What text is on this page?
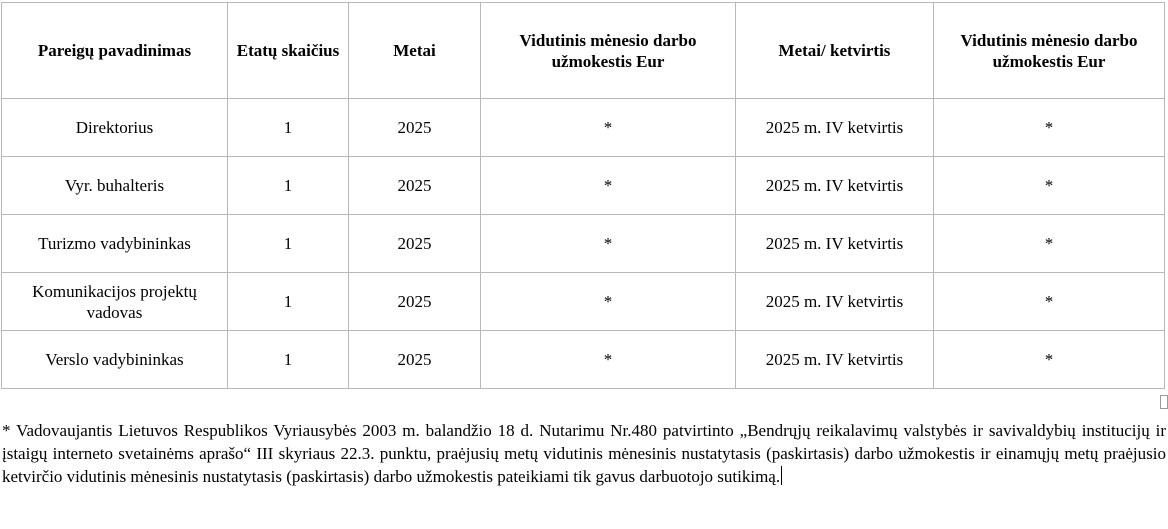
Pareigų pavadinimas	Etatų skaičius	Metai	Vidutinis mėnesio darbo užmokestis Eur	Metai/ ketvirtis	Vidutinis mėnesio darbo užmokestis Eur
Direktorius	1	2025	*	2025 m. IV ketvirtis	*
Vyr. buhalteris	1	2025	*	2025 m. IV ketvirtis	*
Turizmo vadybininkas	1	2025	*	2025 m. IV ketvirtis	*
Komunikacijos projektų vadovas	1	2025	*	2025 m. IV ketvirtis	*
Verslo vadybininkas	1	2025	*	2025 m. IV ketvirtis	*

* Vadovaujantis Lietuvos Respublikos Vyriausybės 2003 m. balandžio 18 d. Nutarimu Nr.480 patvirtinto „Bendrųjų reikalavimų valstybės ir savivaldybių institucijų ir įstaigų interneto svetainėms aprašo“ III skyriaus 22.3. punktu, praėjusių metų vidutinis mėnesinis nustatytasis (paskirtasis) darbo užmokestis ir einamųjų metų praėjusio ketvirčio vidutinis mėnesinis nustatytasis (paskirtasis) darbo užmokestis pateikiami tik gavus darbuotojo sutikimą.
